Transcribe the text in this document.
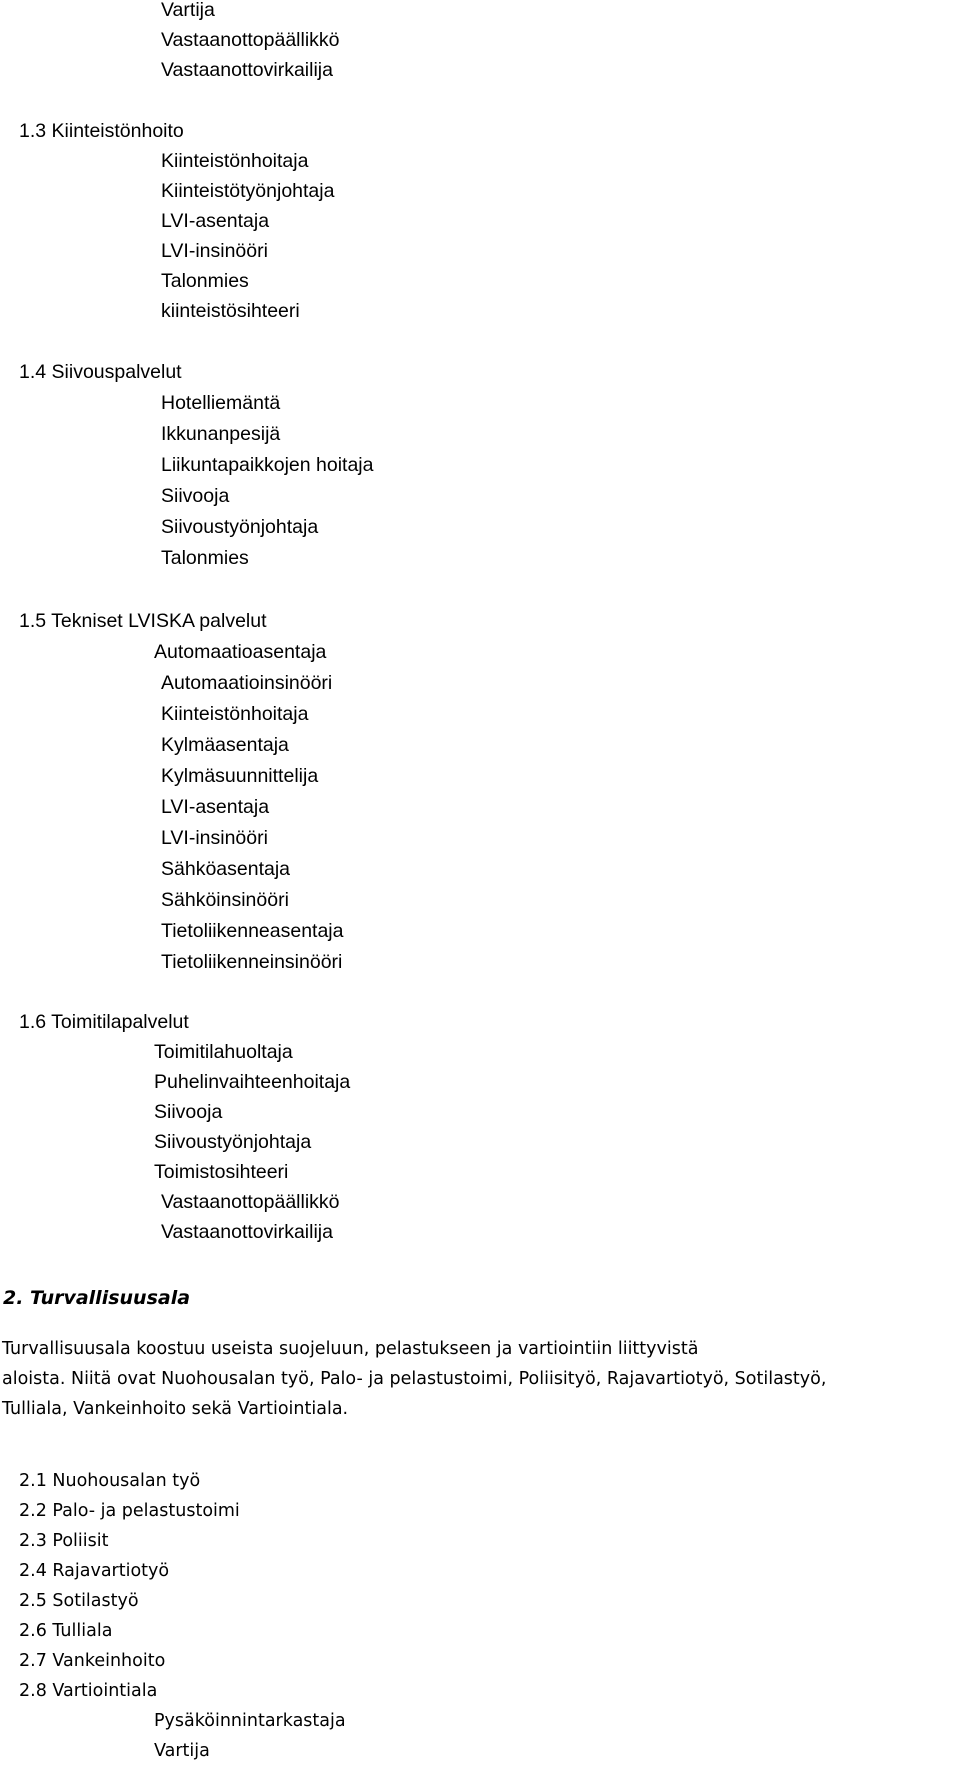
Vartija
Vastaanottopäällikkö
Vastaanottovirkailija
1.3 Kiinteistönhoito
Kiinteistönhoitaja
Kiinteistötyönjohtaja
LVI-asentaja
LVI-insinööri
Talonmies
kiinteistösihteeri
1.4 Siivouspalvelut
Hotelliemäntä
Ikkunanpesijä
Liikuntapaikkojen hoitaja
Siivooja
Siivoustyönjohtaja
Talonmies
1.5 Tekniset LVISKA palvelut
Automaatioasentaja
Automaatioinsinööri
Kiinteistönhoitaja
Kylmäasentaja
Kylmäsuunnittelija
LVI-asentaja
LVI-insinööri
Sähköasentaja
Sähköinsinööri
Tietoliikenneasentaja
Tietoliikenneinsinööri
1.6 Toimitilapalvelut
Toimitilahuoltaja
Puhelinvaihteenhoitaja
Siivooja
Siivoustyönjohtaja
Toimistosihteeri
Vastaanottopäällikkö
Vastaanottovirkailija
2. Turvallisuusala
Turvallisuusala koostuu useista suojeluun, pelastukseen ja vartiointiin liittyvistä
aloista. Niitä ovat Nuohousalan työ, Palo- ja pelastustoimi, Poliisityö, Rajavartiotyö, Sotilastyö,
Tulliala, Vankeinhoito sekä Vartiointiala.
2.1 Nuohousalan työ
2.2 Palo- ja pelastustoimi
2.3 Poliisit
2.4 Rajavartiotyö
2.5 Sotilastyö
2.6 Tulliala
2.7 Vankeinhoito
2.8 Vartiointiala
Pysäköinnintarkastaja
Vartija
